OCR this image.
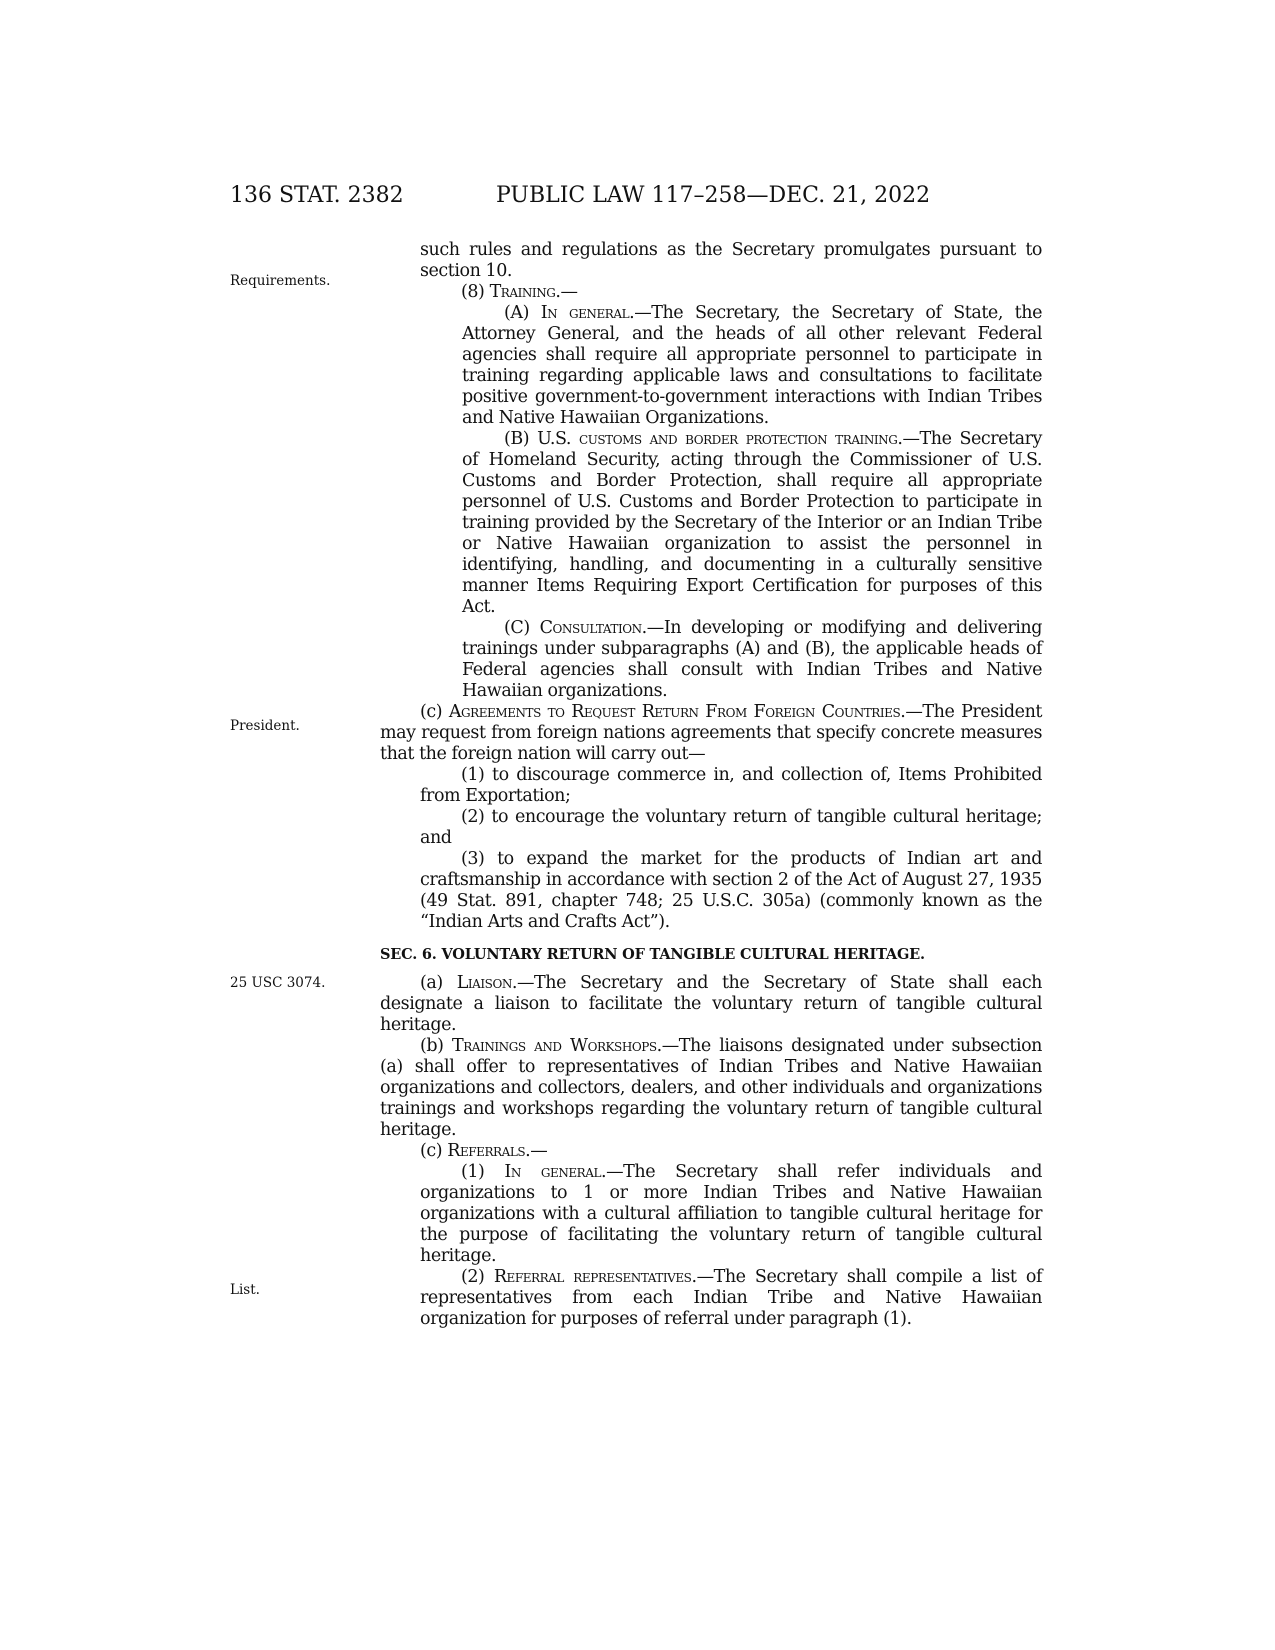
136 STAT. 2382	PUBLIC LAW 117–258—DEC. 21, 2022
Requirements.
President.
25 USC 3074.
List.

such rules and regulations as the Secretary promulgates pursuant to section 10.

(8) Training.—

(A) In general.—The Secretary, the Secretary of State, the Attorney General, and the heads of all other relevant Federal agencies shall require all appropriate personnel to participate in training regarding applicable laws and consultations to facilitate positive government-to-government interactions with Indian Tribes and Native Hawaiian Organizations.

(B) U.S. customs and border protection training.—The Secretary of Homeland Security, acting through the Commissioner of U.S. Customs and Border Protection, shall require all appropriate personnel of U.S. Customs and Border Protection to participate in training provided by the Secretary of the Interior or an Indian Tribe or Native Hawaiian organization to assist the personnel in identifying, handling, and documenting in a culturally sensitive manner Items Requiring Export Certification for purposes of this Act.

(C) Consultation.—In developing or modifying and delivering trainings under subparagraphs (A) and (B), the applicable heads of Federal agencies shall consult with Indian Tribes and Native Hawaiian organizations.

(c) Agreements to Request Return From Foreign Countries.—The President may request from foreign nations agreements that specify concrete measures that the foreign nation will carry out—

(1) to discourage commerce in, and collection of, Items Prohibited from Exportation;

(2) to encourage the voluntary return of tangible cultural heritage; and

(3) to expand the market for the products of Indian art and craftsmanship in accordance with section 2 of the Act of August 27, 1935 (49 Stat. 891, chapter 748; 25 U.S.C. 305a) (commonly known as the “Indian Arts and Crafts Act”).

SEC. 6. VOLUNTARY RETURN OF TANGIBLE CULTURAL HERITAGE.

(a) Liaison.—The Secretary and the Secretary of State shall each designate a liaison to facilitate the voluntary return of tangible cultural heritage.

(b) Trainings and Workshops.—The liaisons designated under subsection (a) shall offer to representatives of Indian Tribes and Native Hawaiian organizations and collectors, dealers, and other individuals and organizations trainings and workshops regarding the voluntary return of tangible cultural heritage.

(c) Referrals.—

(1) In general.—The Secretary shall refer individuals and organizations to 1 or more Indian Tribes and Native Hawaiian organizations with a cultural affiliation to tangible cultural heritage for the purpose of facilitating the voluntary return of tangible cultural heritage.

(2) Referral representatives.—The Secretary shall compile a list of representatives from each Indian Tribe and Native Hawaiian organization for purposes of referral under paragraph (1).
